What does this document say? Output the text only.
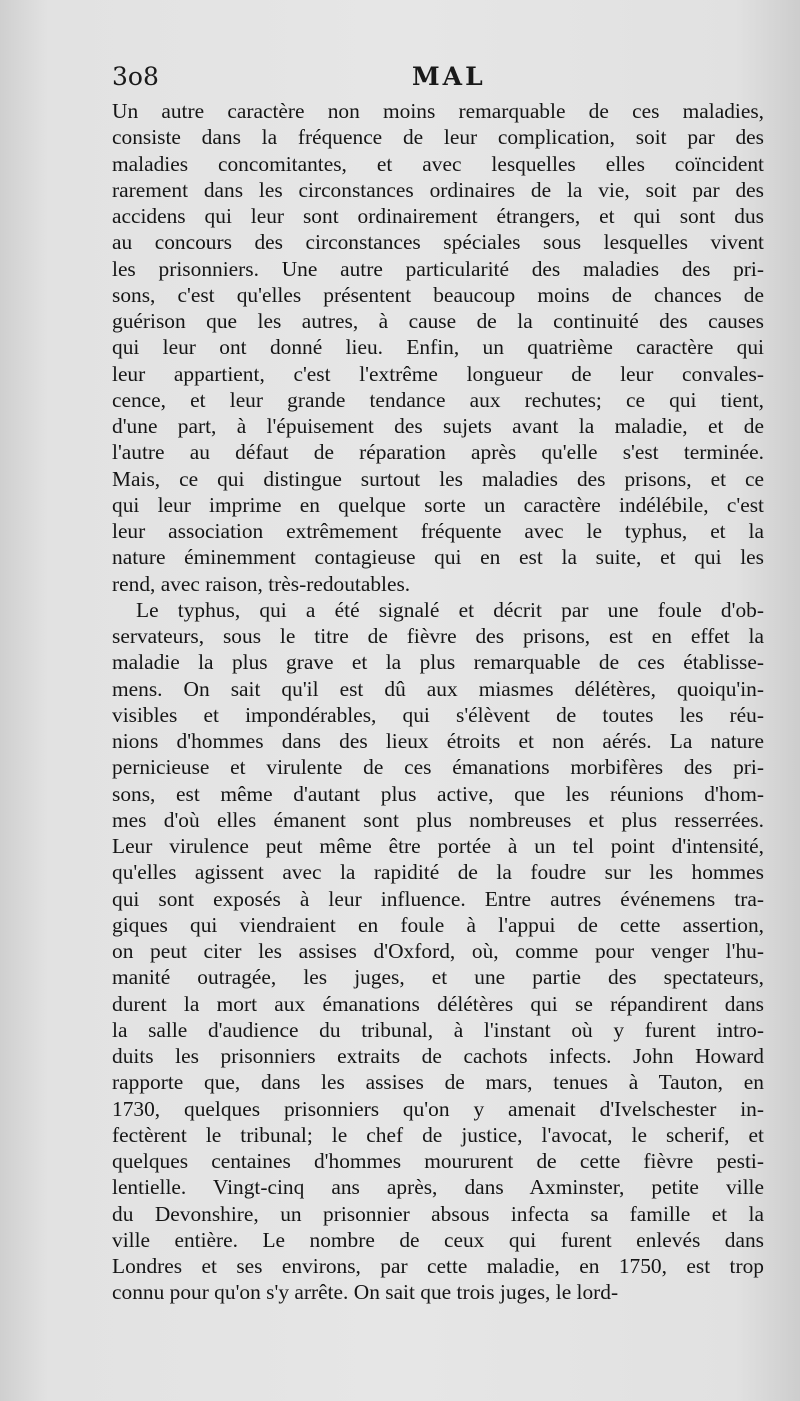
3o8	MAL
Un autre caractère non moins remarquable de ces maladies,
consiste dans la fréquence de leur complication, soit par des
maladies concomitantes, et avec lesquelles elles coïncident
rarement dans les circonstances ordinaires de la vie, soit par des
accidens qui leur sont ordinairement étrangers, et qui sont dus
au concours des circonstances spéciales sous lesquelles vivent
les prisonniers. Une autre particularité des maladies des pri-
sons, c'est qu'elles présentent beaucoup moins de chances de
guérison que les autres, à cause de la continuité des causes
qui leur ont donné lieu. Enfin, un quatrième caractère qui
leur appartient, c'est l'extrême longueur de leur convales-
cence, et leur grande tendance aux rechutes; ce qui tient,
d'une part, à l'épuisement des sujets avant la maladie, et de
l'autre au défaut de réparation après qu'elle s'est terminée.
Mais, ce qui distingue surtout les maladies des prisons, et ce
qui leur imprime en quelque sorte un caractère indélébile, c'est
leur association extrêmement fréquente avec le typhus, et la
nature éminemment contagieuse qui en est la suite, et qui les
rend, avec raison, très-redoutables.
Le typhus, qui a été signalé et décrit par une foule d'ob-
servateurs, sous le titre de fièvre des prisons, est en effet la
maladie la plus grave et la plus remarquable de ces établisse-
mens. On sait qu'il est dû aux miasmes délétères, quoiqu'in-
visibles et impondérables, qui s'élèvent de toutes les réu-
nions d'hommes dans des lieux étroits et non aérés. La nature
pernicieuse et virulente de ces émanations morbifères des pri-
sons, est même d'autant plus active, que les réunions d'hom-
mes d'où elles émanent sont plus nombreuses et plus resserrées.
Leur virulence peut même être portée à un tel point d'intensité,
qu'elles agissent avec la rapidité de la foudre sur les hommes
qui sont exposés à leur influence. Entre autres événemens tra-
giques qui viendraient en foule à l'appui de cette assertion,
on peut citer les assises d'Oxford, où, comme pour venger l'hu-
manité outragée, les juges, et une partie des spectateurs,
durent la mort aux émanations délétères qui se répandirent dans
la salle d'audience du tribunal, à l'instant où y furent intro-
duits les prisonniers extraits de cachots infects. John Howard
rapporte que, dans les assises de mars, tenues à Tauton, en
1730, quelques prisonniers qu'on y amenait d'Ivelschester in-
fectèrent le tribunal; le chef de justice, l'avocat, le scherif, et
quelques centaines d'hommes moururent de cette fièvre pesti-
lentielle. Vingt-cinq ans après, dans Axminster, petite ville
du Devonshire, un prisonnier absous infecta sa famille et la
ville entière. Le nombre de ceux qui furent enlevés dans
Londres et ses environs, par cette maladie, en 1750, est trop
connu pour qu'on s'y arrête. On sait que trois juges, le lord-
